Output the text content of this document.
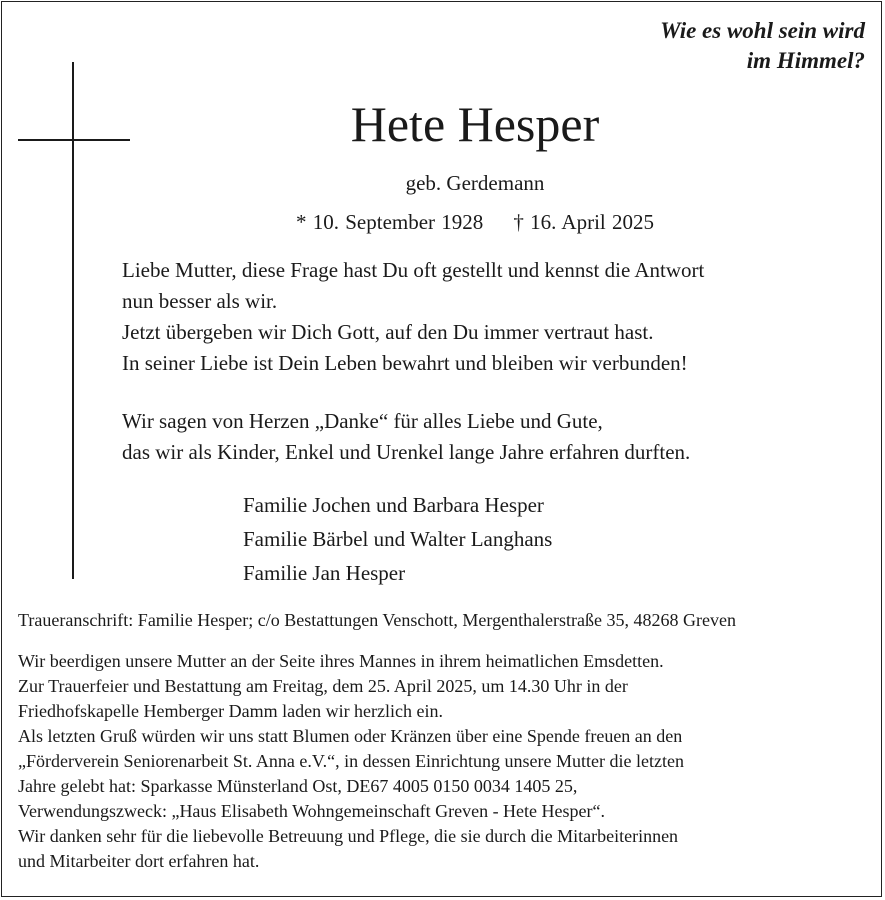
Wie es wohl sein wird
im Himmel?
Hete Hesper
geb. Gerdemann
* 10. September 1928 † 16. April 2025
Liebe Mutter, diese Frage hast Du oft gestellt und kennst die Antwort
nun besser als wir.
Jetzt übergeben wir Dich Gott, auf den Du immer vertraut hast.
In seiner Liebe ist Dein Leben bewahrt und bleiben wir verbunden!
Wir sagen von Herzen „Danke“ für alles Liebe und Gute,
das wir als Kinder, Enkel und Urenkel lange Jahre erfahren durften.
Familie Jochen und Barbara Hesper
Familie Bärbel und Walter Langhans
Familie Jan Hesper
Traueranschrift: Familie Hesper; c/o Bestattungen Venschott, Mergenthalerstraße 35, 48268 Greven
Wir beerdigen unsere Mutter an der Seite ihres Mannes in ihrem heimatlichen Emsdetten.
Zur Trauerfeier und Bestattung am Freitag, dem 25. April 2025, um 14.30 Uhr in der
Friedhofskapelle Hemberger Damm laden wir herzlich ein.
Als letzten Gruß würden wir uns statt Blumen oder Kränzen über eine Spende freuen an den
„Förderverein Seniorenarbeit St. Anna e.V.“, in dessen Einrichtung unsere Mutter die letzten
Jahre gelebt hat: Sparkasse Münsterland Ost, DE67 4005 0150 0034 1405 25,
Verwendungszweck: „Haus Elisabeth Wohngemeinschaft Greven - Hete Hesper“.
Wir danken sehr für die liebevolle Betreuung und Pflege, die sie durch die Mitarbeiterinnen
und Mitarbeiter dort erfahren hat.
